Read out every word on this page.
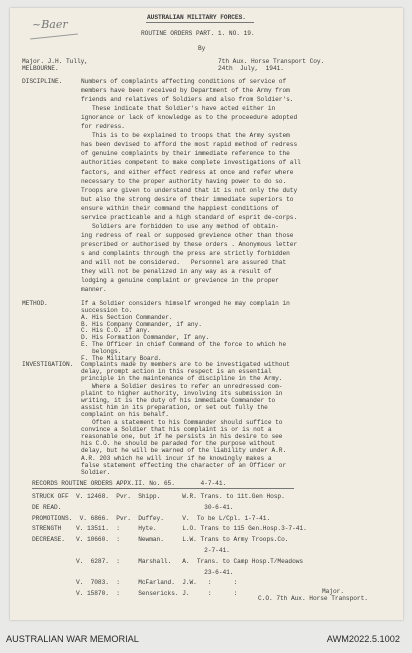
~Baer
AUSTRALIAN MILITARY FORCES.
ROUTINE ORDERS PART. 1. NO. 19.
By
Major. J.H. Tully,	7th Aux. Horse Transport Coy.
MELBOURNE.	24th  July,  1941.
DISCIPLINE.	Numbers of complaints affecting conditions of service of
members have been received by Department of the Army from
friends and relatives of Soldiers and also from Soldier's.
These indicate that Soldier's have acted either in
ignorance or lack of knowledge as to the proceedure adopted
for redress.
This is to be explained to troops that the Army system
has been devised to afford the most rapid method of redress
of genuine complaints by their immediate reference to the
authorities competent to make complete investigations of all
factors, and either effect redress at once and refer where
necessary to the proper authority having power to do so.
Troops are given to understand that it is not only the duty
but also the strong desire of their immediate superiors to
ensure within their command the happiest conditions of
service practicable and a high standard of esprit de-corps.
Soldiers are forbidden to use any method of obtain-
ing redress of real or supposed grevience other than those
prescribed or authorised by these orders . Anonymous letter
s and complaints through the press are strictly forbidden
and will not be considered.   Personnel are assured that
they will not be penalized in any way as a result of
lodging a genuine complaint or grevience in the proper
manner.
METHOD.	If a Soldier considers himself wronged he may complain in
succession to.
A. His Section Commander.
B. His Company Commander, if any.
C. His C.O. if any.
D. His Formation Commander, If any.
E. The Officer in chief Command of the force to which he
belongs.
F. The Military Board.
INVESTIGATION. Complaints made by members are to be investigated without
delay, prompt action in this respect is an essential
principle in the maintenance of discipline in the Army.
Where a Soldier desires to refer an unredressed com-
plaint to higher authority, involving its submission in
writing, it is the duty of his immediate Commander to
assist him in its preparation, or set out fully the
complaint on his behalf.
Often a statement to his Commander should suffice to
convince a Soldier that his complaint is or is not a
reasonable one, but if he persists in his desire to see
his C.O. he should be paraded for the purpose without
delay, but he will be warned of the liability under A.R.
A.R. 203 which he will incur if he knowingly makes a
false statement effecting the character of an Officer or
Soldier.
RECORDS ROUTINE ORDERS APPX.II. No. 65.       4-7-41.
STRUCK OFF  V. 12468.  Pvr.  Shipp.      W.R. Trans. to 11t.Gen Hosp.
DE READ.                                       30-6-41.
PROMOTIONS.  V. 6866.  Pvr.  Duffey.     V.  To be L/Cpl. 1-7-41.
STRENGTH    V. 13511.  :     Hyte.       L.O. Trans to 115 Gen.Hosp.3-7-41.
DECREASE.   V. 10660.  :     Newman.     L.W. Trans to Army Troops.Co.
2-7-41.
V.  6287.  :     Marshall.   A.  Trans. to Camp Hosp.T/Meadows
23-6-41.
V.  7083.  :     McFarland.  J.W.   :      :
V. 15870.  :     Sensericks. J.     :      :	Major.
C.O. 7th Aux. Horse Transport.
AUSTRALIAN WAR MEMORIAL	AWM2022.5.1002
